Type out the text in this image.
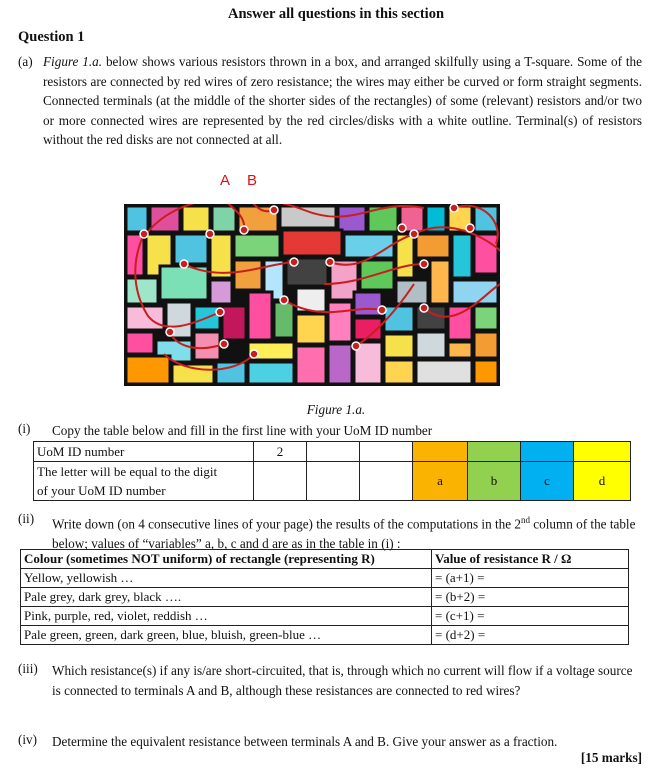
Answer all questions in this section
Question 1
(a) Figure 1.a. below shows various resistors thrown in a box, and arranged skilfully using a T-square. Some of the resistors are connected by red wires of zero resistance; the wires may either be curved or form straight segments. Connected terminals (at the middle of the shorter sides of the rectangles) of some (relevant) resistors and/or two or more connected wires are represented by the red circles/disks with a white outline. Terminal(s) of resistors without the red disks are not connected at all.
A B
Figure 1.a.
(i) Copy the table below and fill in the first line with your UoM ID number
UoM ID number	2						
The letter will be equal to the digit
of your UoM ID number				a	b	c	d
(ii) Write down (on 4 consecutive lines of your page) the results of the computations in the 2nd column of the table below; values of “variables” a, b, c and d are as in the table in (i) :
Colour (sometimes NOT uniform) of rectangle (representing R)	Value of resistance R / Ω
Yellow, yellowish …	= (a+1) =
Pale grey, dark grey, black ….	= (b+2) =
Pink, purple, red, violet, reddish …	= (c+1) =
Pale green, green, dark green, blue, bluish, green-blue …	= (d+2) =
(iii) Which resistance(s) if any is/are short-circuited, that is, through which no current will flow if a voltage source is connected to terminals A and B, although these resistances are connected to red wires?
(iv) Determine the equivalent resistance between terminals A and B. Give your answer as a fraction.
[15 marks]
